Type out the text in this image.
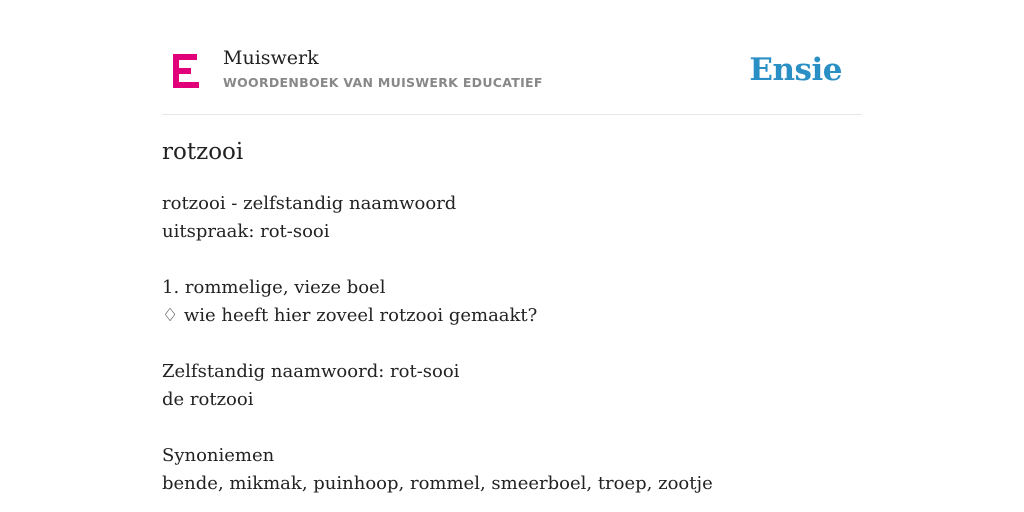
Muiswerk
WOORDENBOEK VAN MUISWERK EDUCATIEF	Ensie
rotzooi
rotzooi - zelfstandig naamwoord
uitspraak: rot-sooi
1. rommelige, vieze boel
♢ wie heeft hier zoveel rotzooi gemaakt?
Zelfstandig naamwoord: rot-sooi
de rotzooi
Synoniemen
bende, mikmak, puinhoop, rommel, smeerboel, troep, zootje
